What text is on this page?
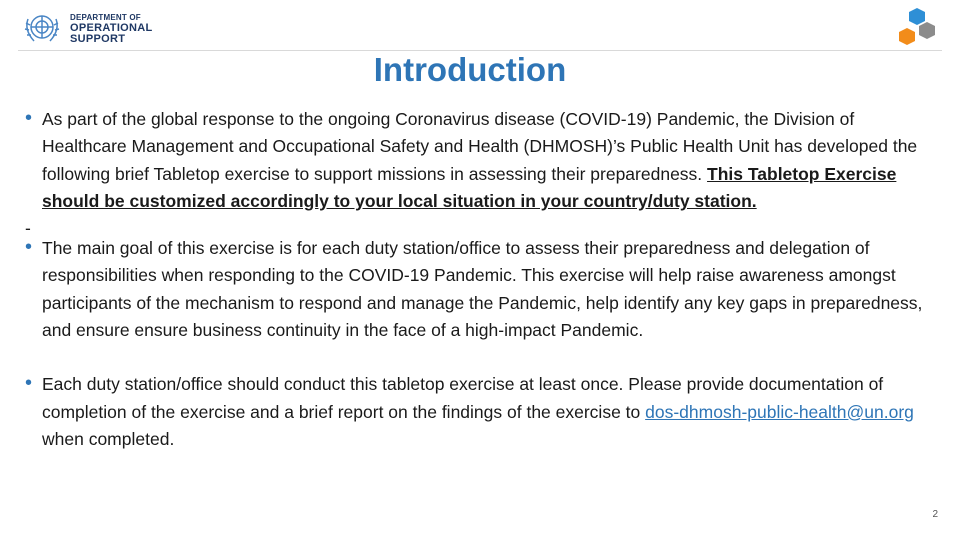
DEPARTMENT OF
OPERATIONAL
SUPPORT
Introduction
• As part of the global response to the ongoing Coronavirus disease (COVID-19) Pandemic, the Division of Healthcare Management and Occupational Safety and Health (DHMOSH)’s Public Health Unit has developed the following brief Tabletop exercise to support missions in assessing their preparedness. This Tabletop Exercise should be customized accordingly to your local situation in your country/duty station.
-
• The main goal of this exercise is for each duty station/office to assess their preparedness and delegation of responsibilities when responding to the COVID-19 Pandemic. This exercise will help raise awareness amongst participants of the mechanism to respond and manage the Pandemic, help identify any key gaps in preparedness, and ensure ensure business continuity in the face of a high-impact Pandemic.
• Each duty station/office should conduct this tabletop exercise at least once. Please provide documentation of completion of the exercise and a brief report on the findings of the exercise to dos-dhmosh-public-health@un.org when completed.
2
